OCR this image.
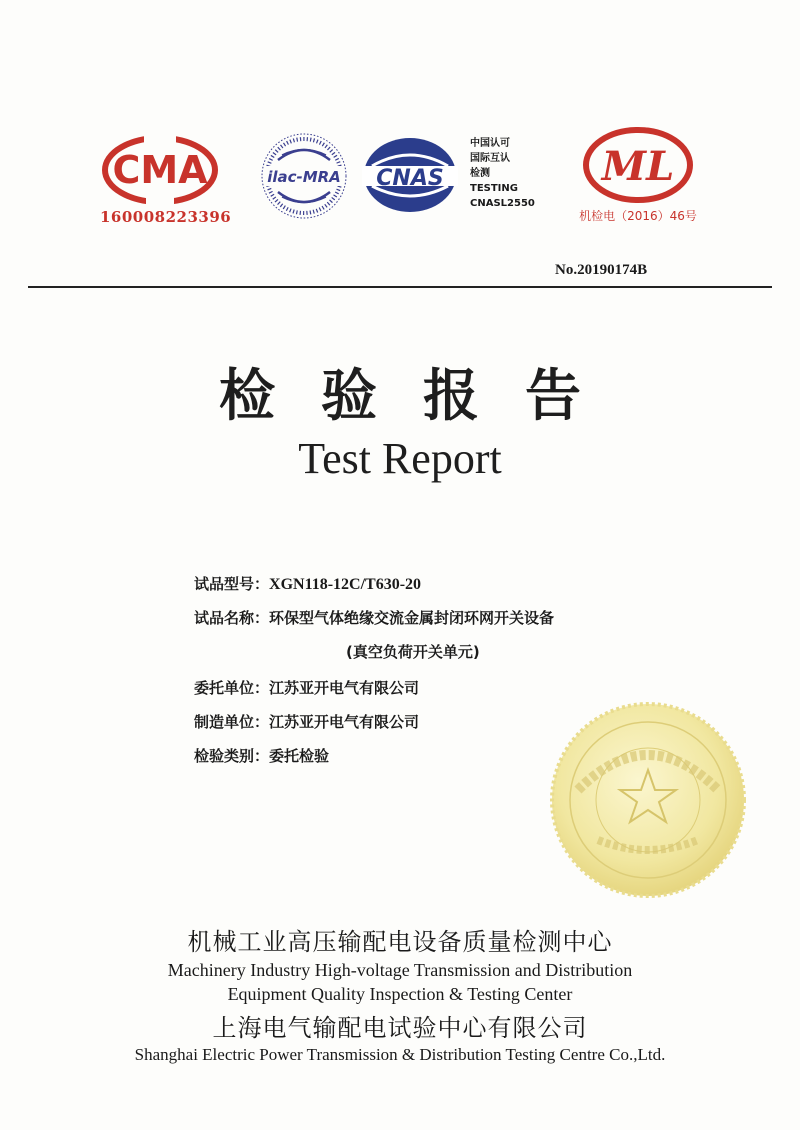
CMA
160008223396
ilac-MRA CNAS
中国认可
国际互认
检测
TESTING
CNASL2550
ML
机检电（2016）46号
No.20190174B
检验报告
Test Report
试品型号：XGN118-12C/T630-20
试品名称：环保型气体绝缘交流金属封闭环网开关设备
(真空负荷开关单元)
委托单位：江苏亚开电气有限公司
制造单位：江苏亚开电气有限公司
检验类别：委托检验
机械工业高压输配电设备质量检测中心
Machinery Industry High-voltage Transmission and Distribution
Equipment Quality Inspection & Testing Center
上海电气输配电试验中心有限公司
Shanghai Electric Power Transmission & Distribution Testing Centre Co.,Ltd.
